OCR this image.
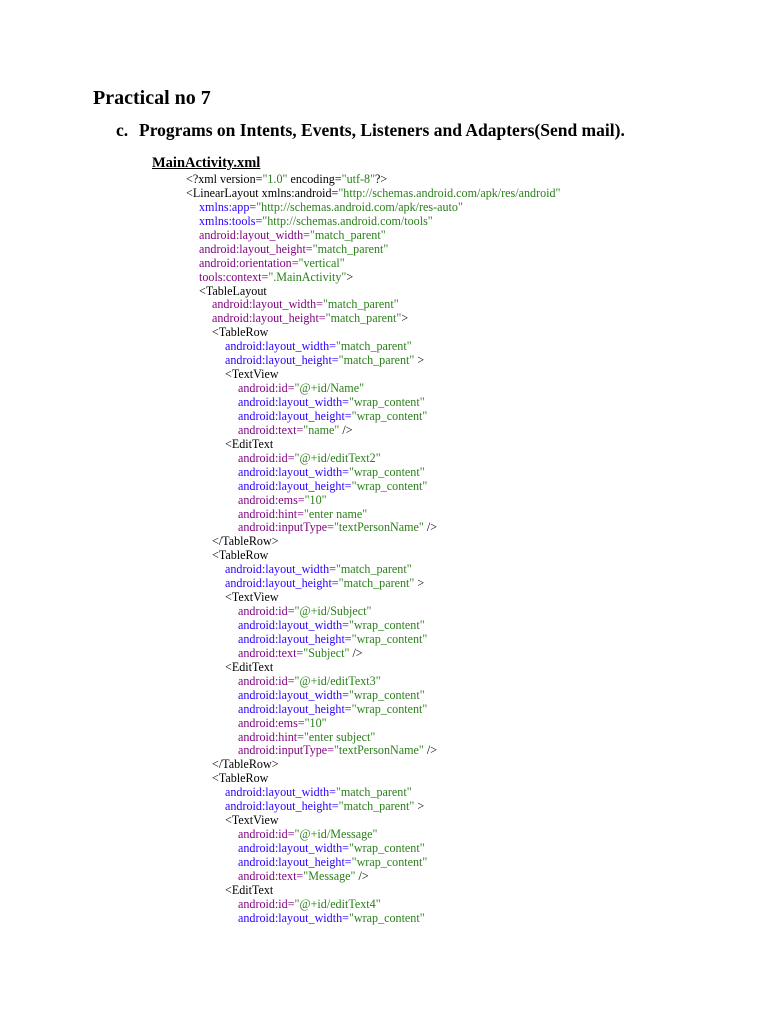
Practical no 7
c. Programs on Intents, Events, Listeners and Adapters(Send mail).
MainActivity.xml
<?xml version="1.0" encoding="utf-8"?>
<LinearLayout xmlns:android="http://schemas.android.com/apk/res/android"
xmlns:app="http://schemas.android.com/apk/res-auto"
xmlns:tools="http://schemas.android.com/tools"
android:layout_width="match_parent"
android:layout_height="match_parent"
android:orientation="vertical"
tools:context=".MainActivity">
<TableLayout
android:layout_width="match_parent"
android:layout_height="match_parent">
<TableRow
android:layout_width="match_parent"
android:layout_height="match_parent" >
<TextView
android:id="@+id/Name"
android:layout_width="wrap_content"
android:layout_height="wrap_content"
android:text="name" />
<EditText
android:id="@+id/editText2"
android:layout_width="wrap_content"
android:layout_height="wrap_content"
android:ems="10"
android:hint="enter name"
android:inputType="textPersonName" />
</TableRow>
<TableRow
android:layout_width="match_parent"
android:layout_height="match_parent" >
<TextView
android:id="@+id/Subject"
android:layout_width="wrap_content"
android:layout_height="wrap_content"
android:text="Subject" />
<EditText
android:id="@+id/editText3"
android:layout_width="wrap_content"
android:layout_height="wrap_content"
android:ems="10"
android:hint="enter subject"
android:inputType="textPersonName" />
</TableRow>
<TableRow
android:layout_width="match_parent"
android:layout_height="match_parent" >
<TextView
android:id="@+id/Message"
android:layout_width="wrap_content"
android:layout_height="wrap_content"
android:text="Message" />
<EditText
android:id="@+id/editText4"
android:layout_width="wrap_content"
